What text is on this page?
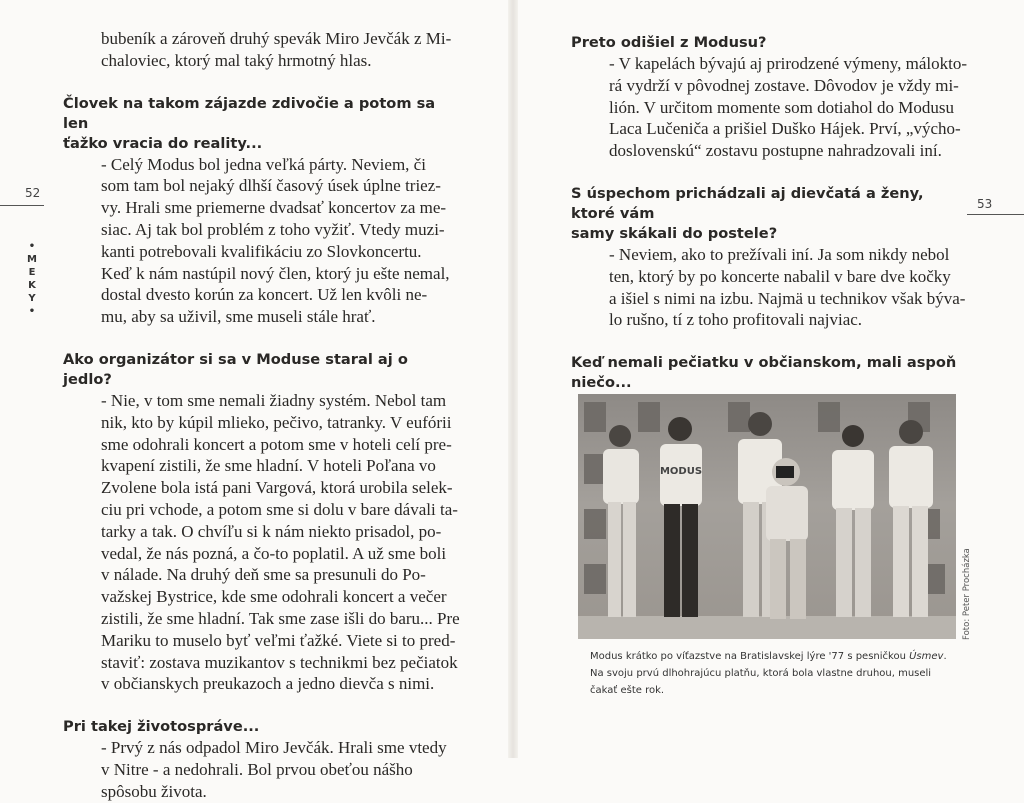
52
53
•
M
E
K
Y
•
bubeník a zároveň druhý spevák Miro Jevčák z Mi-
chaloviec, ktorý mal taký hrmotný hlas.
Človek na takom zájazde zdivočie a potom sa len
ťažko vracia do reality...
- Celý Modus bol jedna veľká párty. Neviem, či
som tam bol nejaký dlhší časový úsek úplne triez-
vy. Hrali sme priemerne dvadsať koncertov za me-
siac. Aj tak bol problém z toho vyžiť. Vtedy muzi-
kanti potrebovali kvalifikáciu zo Slovkoncertu.
Keď k nám nastúpil nový člen, ktorý ju ešte nemal,
dostal dvesto korún za koncert. Už len kvôli ne-
mu, aby sa uživil, sme museli stále hrať.
Ako organizátor si sa v Moduse staral aj o jedlo?
- Nie, v tom sme nemali žiadny systém. Nebol tam
nik, kto by kúpil mlieko, pečivo, tatranky. V eufórii
sme odohrali koncert a potom sme v hoteli celí pre-
kvapení zistili, že sme hladní. V hoteli Poľana vo
Zvolene bola istá pani Vargová, ktorá urobila selek-
ciu pri vchode, a potom sme si dolu v bare dávali ta-
tarky a tak. O chvíľu si k nám niekto prisadol, po-
vedal, že nás pozná, a čo-to poplatil. A už sme boli
v nálade. Na druhý deň sme sa presunuli do Po-
važskej Bystrice, kde sme odohrali koncert a večer
zistili, že sme hladní. Tak sme zase išli do baru... Pre
Mariku to muselo byť veľmi ťažké. Viete si to pred-
staviť: zostava muzikantov s technikmi bez pečiatok
v občianskych preukazoch a jedno dievča s nimi.
Pri takej životospráve...
- Prvý z nás odpadol Miro Jevčák. Hrali sme vtedy
v Nitre - a nedohrali. Bol prvou obeťou nášho
spôsobu života.
Preto odišiel z Modusu?
- V kapelách bývajú aj prirodzené výmeny, málokto-
rá vydrží v pôvodnej zostave. Dôvodov je vždy mi-
lión. V určitom momente som dotiahol do Modusu
Laca Lučeniča a prišiel Duško Hájek. Prví, „výcho-
doslovenskú“ zostavu postupne nahradzovali iní.
S úspechom prichádzali aj dievčatá a ženy, ktoré vám
samy skákali do postele?
- Neviem, ako to prežívali iní. Ja som nikdy nebol
ten, ktorý by po koncerte nabalil v bare dve kočky
a išiel s nimi na izbu. Najmä u technikov však býva-
lo rušno, tí z toho profitovali najviac.
Keď nemali pečiatku v občianskom, mali aspoň niečo...
MODUS
Foto: Peter Procházka
Modus krátko po víťazstve na Bratislavskej lýre '77 s pesničkou Úsmev.
Na svoju prvú dlhohrajúcu platňu, ktorá bola vlastne druhou, museli
čakať ešte rok.
